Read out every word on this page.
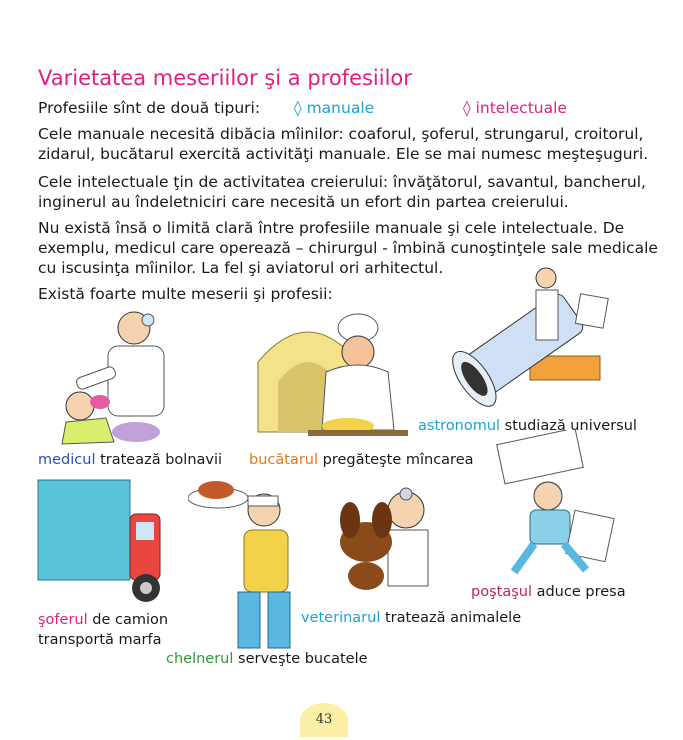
Varietatea meseriilor şi a profesiilor
Profesiile sînt de două tipuri: ◊ manuale	◊ intelectuale
Cele manuale necesită dibăcia mîinilor: coaforul, şoferul, strungarul, croitorul, zidarul, bucătarul exercită activităţi manuale. Ele se mai numesc meşteşuguri.
Cele intelectuale ţin de activitatea creierului: învăţătorul, savantul, bancherul, inginerul au îndeletniciri care necesită un efort din partea creierului.
Nu există însă o limită clară între profesiile manuale şi cele intelectuale. De exemplu, medicul care operează – chirurgul - îmbină cunoştinţele sale medicale cu iscusinţa mîinilor. La fel şi aviatorul ori arhitectul.
Există foarte multe meserii şi profesii:
medicul tratează bolnavii bucătarul pregăteşte mîncarea
astronomul studiază universul
şoferul de camion
transportă marfa
chelnerul serveşte bucatele
veterinarul tratează animalele
poştaşul aduce presa
43
